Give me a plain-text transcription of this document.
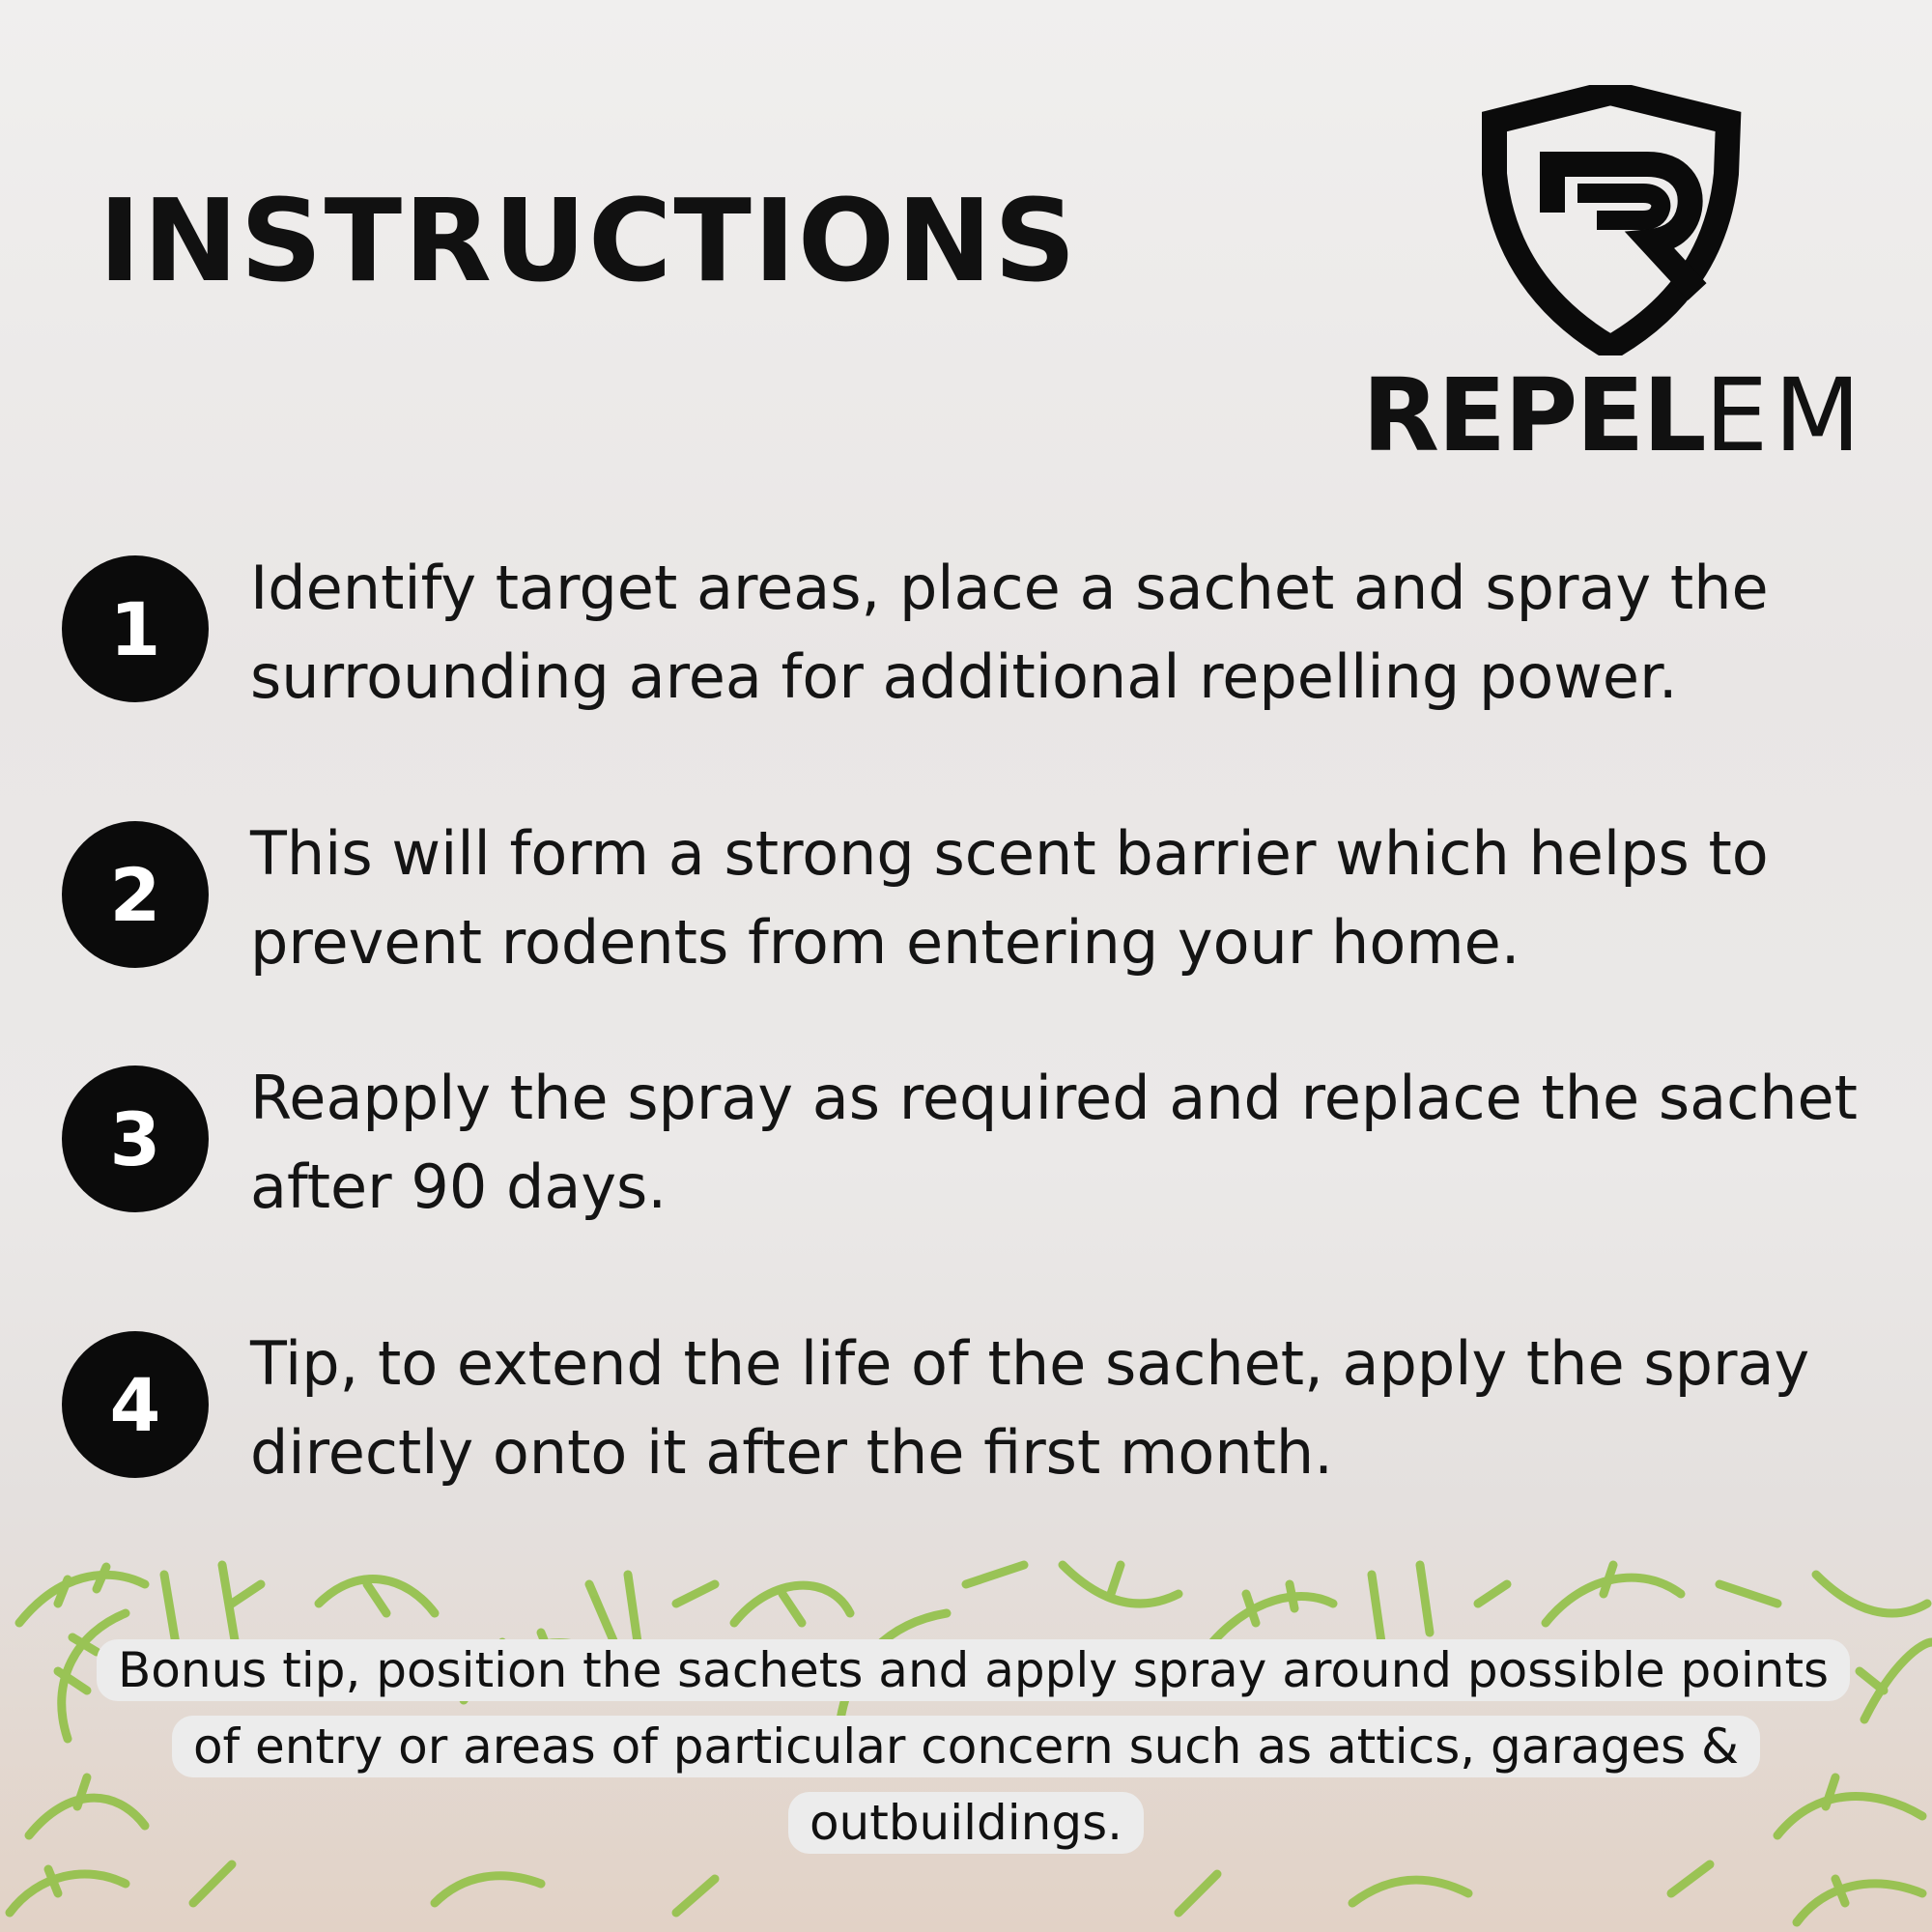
INSTRUCTIONS
REPELEM
1	Identify target areas, place a sachet and spray the surrounding area for additional repelling power.
2	This will form a strong scent barrier which helps to prevent rodents from entering your home.
3	Reapply the spray as required and replace the sachet after 90 days.
4	Tip, to extend the life of the sachet, apply the spray directly onto it after the first month.
Bonus tip, position the sachets and apply spray around possible points of entry or areas of particular concern such as attics, garages & outbuildings.
